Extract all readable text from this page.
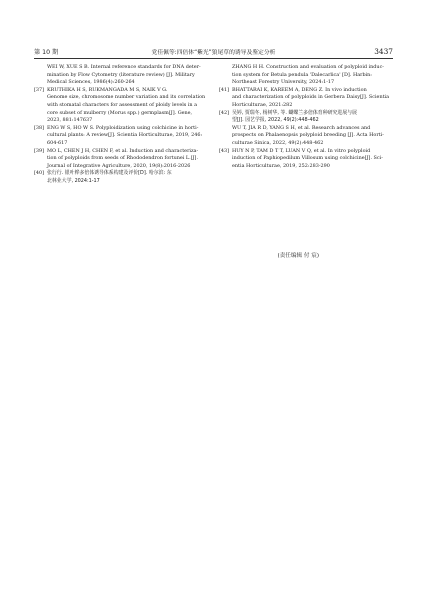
第 10 期	党佳佩等:四倍体“紫光”狼尾草的诱导及鉴定分析	3437
WEI W, XUE S B. Internal reference standards for DNA deter-
mination by Flow Cytometry (literature review) [J]. Military
Medical Sciences, 1986(4):260-264
[37] KRUTHIKA H S, RUKMANGADA M S, NAIK V G.
Genome size, chromosome number variation and its correlation
with stomatal characters for assessment of ploidy levels in a
core subset of mulberry (Morus spp.) germplasm[J]. Gene,
2023, 881:147637
[38] ENG W S, HO W S. Polyploidization using colchicine in horti-
cultural plants: A review[J]. Scientia Horticulturae, 2019, 246:
604-617
[39] MO L, CHEN J H, CHEN F, et al. Induction and characteriza-
tion of polyploids from seeds of Rhododendron fortunei L.[J].
Journal of Integrative Agriculture, 2020, 19(8):2016-2026
[40] 张行行. 银叶桦多倍体诱导体系构建及评价[D]. 哈尔滨: 东
北林业大学, 2024:1-17
ZHANG H H. Construction and evaluation of polyploid induc-
tion system for Betula pendula 'Dalecarlica' [D]. Harbin:
Northeast Forestry University, 2024:1-17
[41] BHATTARAI K, KAREEM A, DENG Z. In vivo induction
and characterization of polyploids in Gerbera Daisy[J]. Scientia
Horticulturae, 2021:282
[42] 吴婷, 贾瑞冬, 杨树华, 等. 蝴蝶兰多倍体育种研究进展与展
望[J]. 园艺学报, 2022, 49(2):448-462
WU T, JIA R D, YANG S H, et al. Research advances and
prospects on Phalaenopsis polyploid breeding [J]. Acta Horti-
culturae Sinica, 2022, 49(2):448-462
[43] HUY N P, TAM D T T, LUAN V Q, et al. In vitro polyploid
induction of Paphiopedilum Villosum using colchicine[J]. Sci-
entia Horticulturae, 2019, 252:283-290
(责任编辑 付 宸)
